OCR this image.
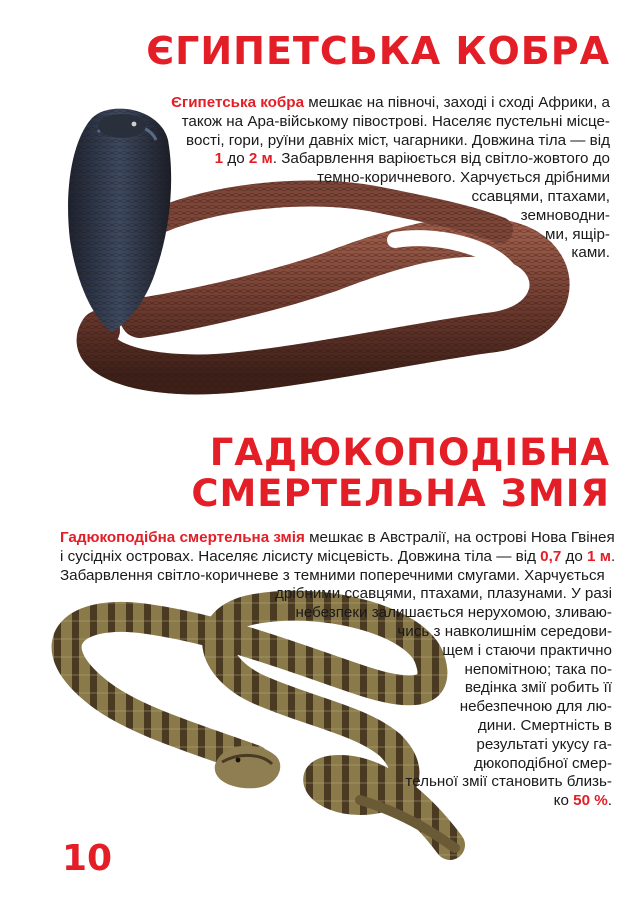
ЄГИПЕТСЬКА КОБРА

Єгипетська кобра мешкає на півночі, заході і сході Африки, а
також на Ара-вiйському півострові. Населяє пустельні місце-
вості, гори, руїни давніх міст, чагарники. Довжина тіла — від
1 до 2 м. Забарвлення варіюється від світло-жовтого до
темно-коричневого. Харчується дрібними
ссавцями, птахами,
земноводни-
ми, ящір-
ками.

ГАДЮКОПОДІБНА
СМЕРТЕЛЬНА ЗМІЯ

Гадюкоподібна смертельна змія мешкає в Австралії, на острові Нова Гвінея
і сусідніх островах. Населяє лісисту місцевість. Довжина тіла — від 0,7 до 1 м.
Забарвлення світло-коричневе з темними поперечними смугами. Харчується
дрібними ссавцями, птахами, плазунами. У разі
небезпеки залишається нерухомою, зливаю-
чись з навколишнім середови-
щем і стаючи практично
непомітною; така по-
ведінка змії робить її
небезпечною для лю-
дини. Смертність в
результаті укусу га-
дюкоподібної смер-
тельної змії становить близь-
ко 50 %.

10
